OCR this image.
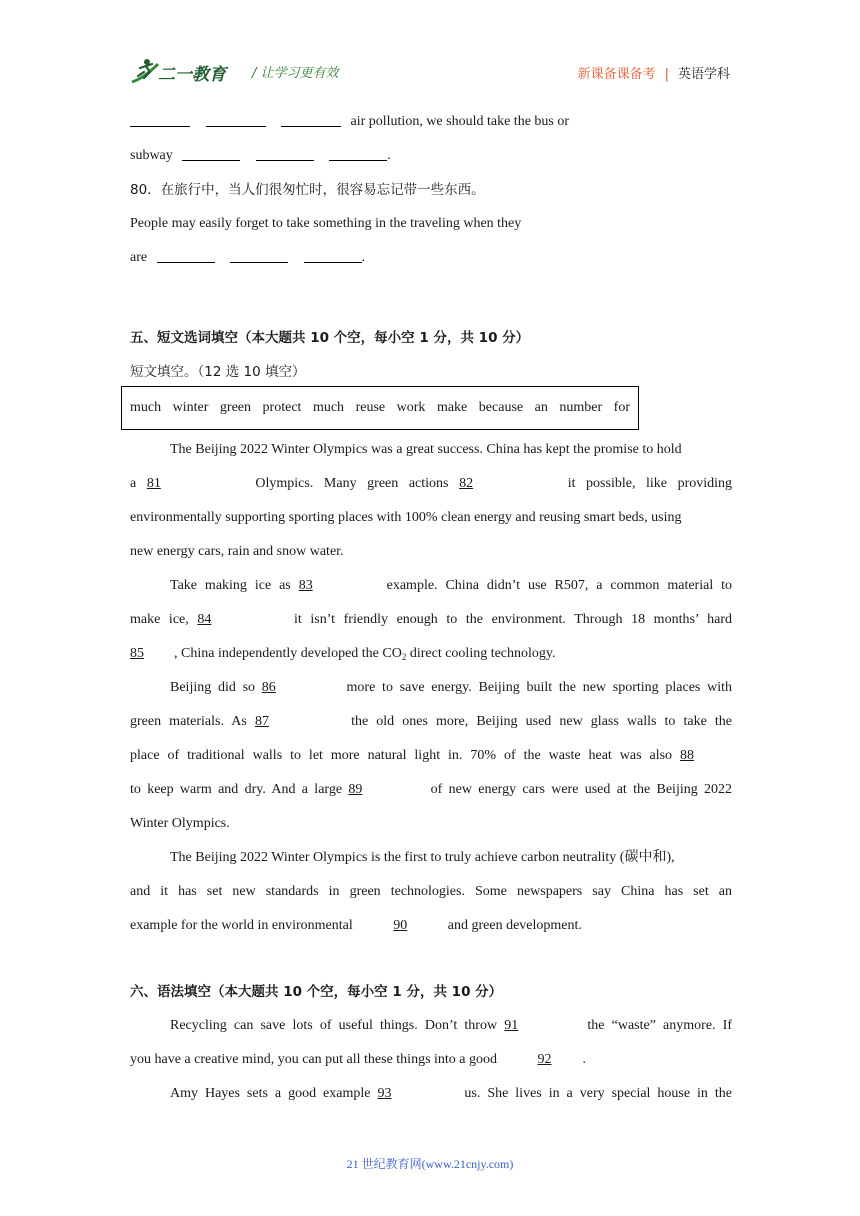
二一教育 / 让学习更有效	新课备课备考 | 英语学科
air pollution, we should take the bus or
subway	.
80．在旅行中，当人们很匆忙时，很容易忘记带一些东西。
People may easily forget to take something in the traveling when they
are	.
五、短文选词填空（本大题共 10 个空，每小空 1 分，共 10 分）
短文填空。（12 选 10 填空）
much winter green protect much reuse work make because an number for
The Beijing 2022 Winter Olympics was a great success. China has kept the promise to hold
a 81	Olympics. Many green actions 82	it possible, like providing
environmentally supporting sporting places with 100% clean energy and reusing smart beds, using
new energy cars, rain and snow water.
Take making ice as 83	example. China didn’t use R507, a common material to
make ice, 84	it isn’t friendly enough to the environment. Through 18 months’ hard
85 , China independently developed the $CO_2$ direct cooling technology.
Beijing did so 86	more to save energy. Beijing built the new sporting places with
green materials. As 87	the old ones more, Beijing used new glass walls to take the
place of traditional walls to let more natural light in. 70% of the waste heat was also 88
to keep warm and dry. And a large 89	of new energy cars were used at the Beijing 2022
Winter Olympics.
The Beijing 2022 Winter Olympics is the first to truly achieve carbon neutrality (碳中和),
and it has set new standards in green technologies. Some newspapers say China has set an
example for the world in environmental	90	and green development.
六、语法填空（本大题共 10 个空，每小空 1 分，共 10 分）
Recycling can save lots of useful things. Don’t throw 91	the “waste” anymore. If
you have a creative mind, you can put all these things into a good	92 .
Amy Hayes sets a good example 93	us. She lives in a very special house in the
21 世纪教育网(www.21cnjy.com)
